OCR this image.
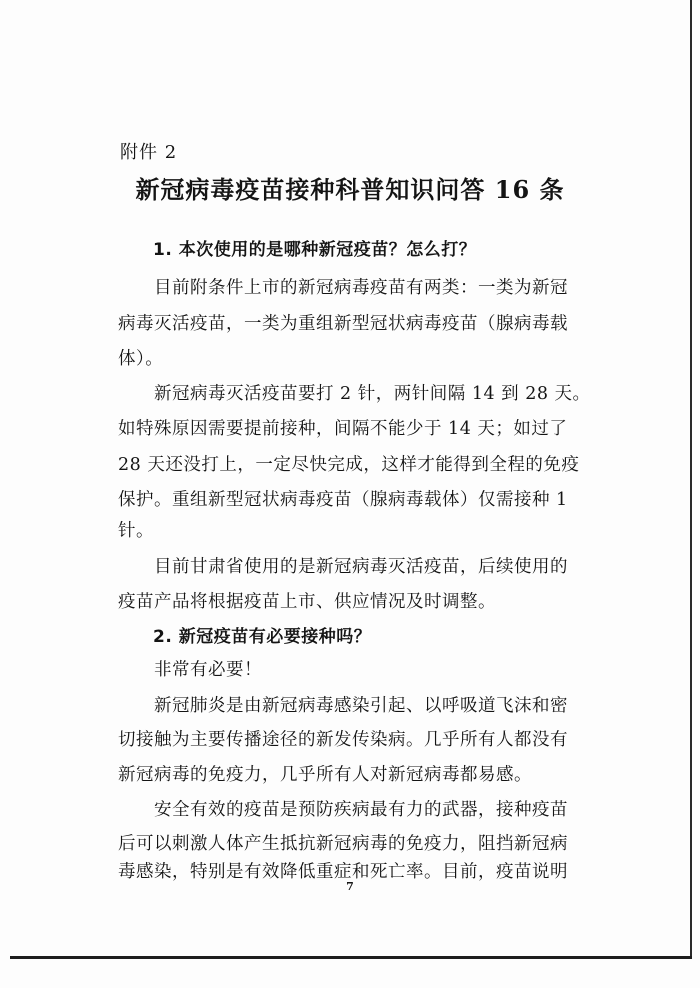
附件 2
新冠病毒疫苗接种科普知识问答 16 条
1. 本次使用的是哪种新冠疫苗？怎么打？
目前附条件上市的新冠病毒疫苗有两类：一类为新冠
病毒灭活疫苗，一类为重组新型冠状病毒疫苗（腺病毒载
体）。
新冠病毒灭活疫苗要打 2 针，两针间隔 14 到 28 天。
如特殊原因需要提前接种，间隔不能少于 14 天；如过了
28 天还没打上，一定尽快完成，这样才能得到全程的免疫
保护。重组新型冠状病毒疫苗（腺病毒载体）仅需接种 1
针。
目前甘肃省使用的是新冠病毒灭活疫苗，后续使用的
疫苗产品将根据疫苗上市、供应情况及时调整。
2. 新冠疫苗有必要接种吗？
非常有必要！
新冠肺炎是由新冠病毒感染引起、以呼吸道飞沫和密
切接触为主要传播途径的新发传染病。几乎所有人都没有
新冠病毒的免疫力，几乎所有人对新冠病毒都易感。
安全有效的疫苗是预防疾病最有力的武器，接种疫苗
后可以刺激人体产生抵抗新冠病毒的免疫力，阻挡新冠病
毒感染，特别是有效降低重症和死亡率。目前，疫苗说明
7
